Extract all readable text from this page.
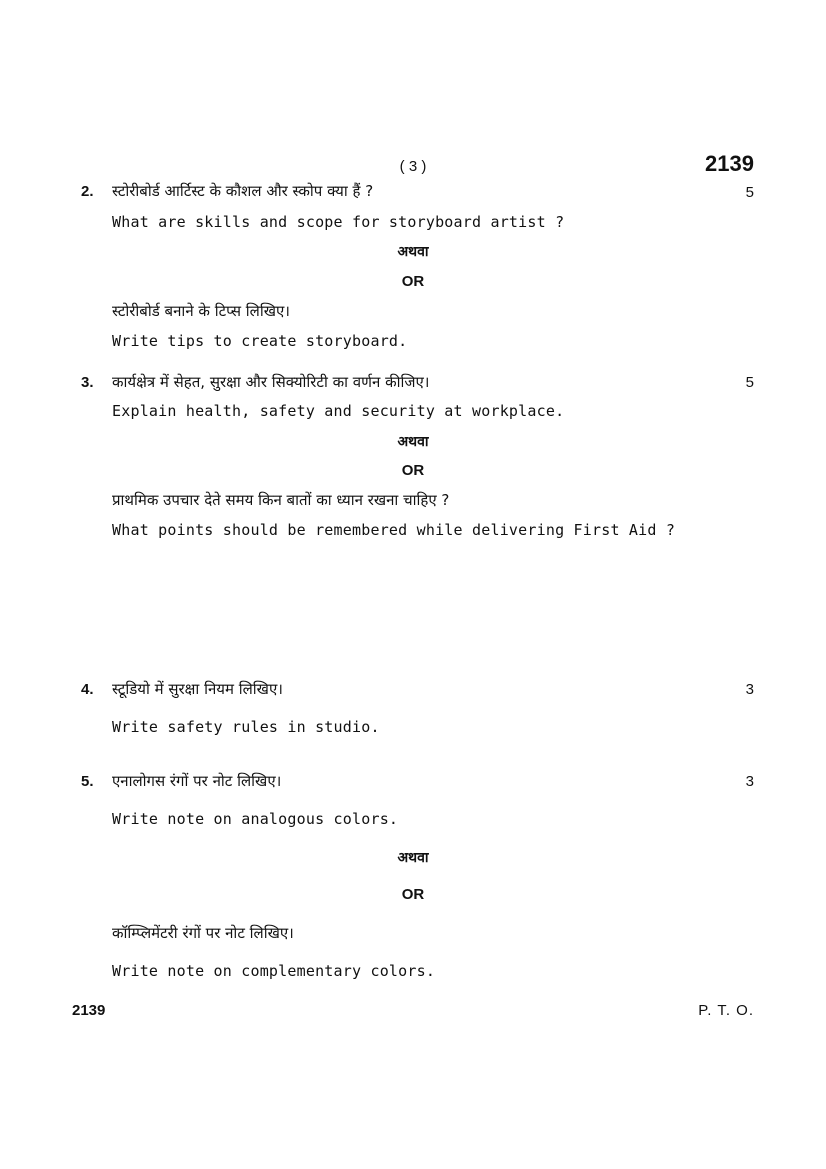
( 3 )	2139
2. स्टोरीबोर्ड आर्टिस्ट के कौशल और स्कोप क्या हैं ?	5
What are skills and scope for storyboard artist ?
अथवा
OR
स्टोरीबोर्ड बनाने के टिप्स लिखिए।
Write tips to create storyboard.
3. कार्यक्षेत्र में सेहत, सुरक्षा और सिक्योरिटी का वर्णन कीजिए।	5
Explain health, safety and security at workplace.
अथवा
OR
प्राथमिक उपचार देते समय किन बातों का ध्यान रखना चाहिए ?
What points should be remembered while delivering First Aid ?
4. स्टूडियो में सुरक्षा नियम लिखिए।	3
Write safety rules in studio.
5. एनालोगस रंगों पर नोट लिखिए।	3
Write note on analogous colors.
अथवा
OR
कॉम्प्लिमेंटरी रंगों पर नोट लिखिए।
Write note on complementary colors.
2139	P. T. O.
